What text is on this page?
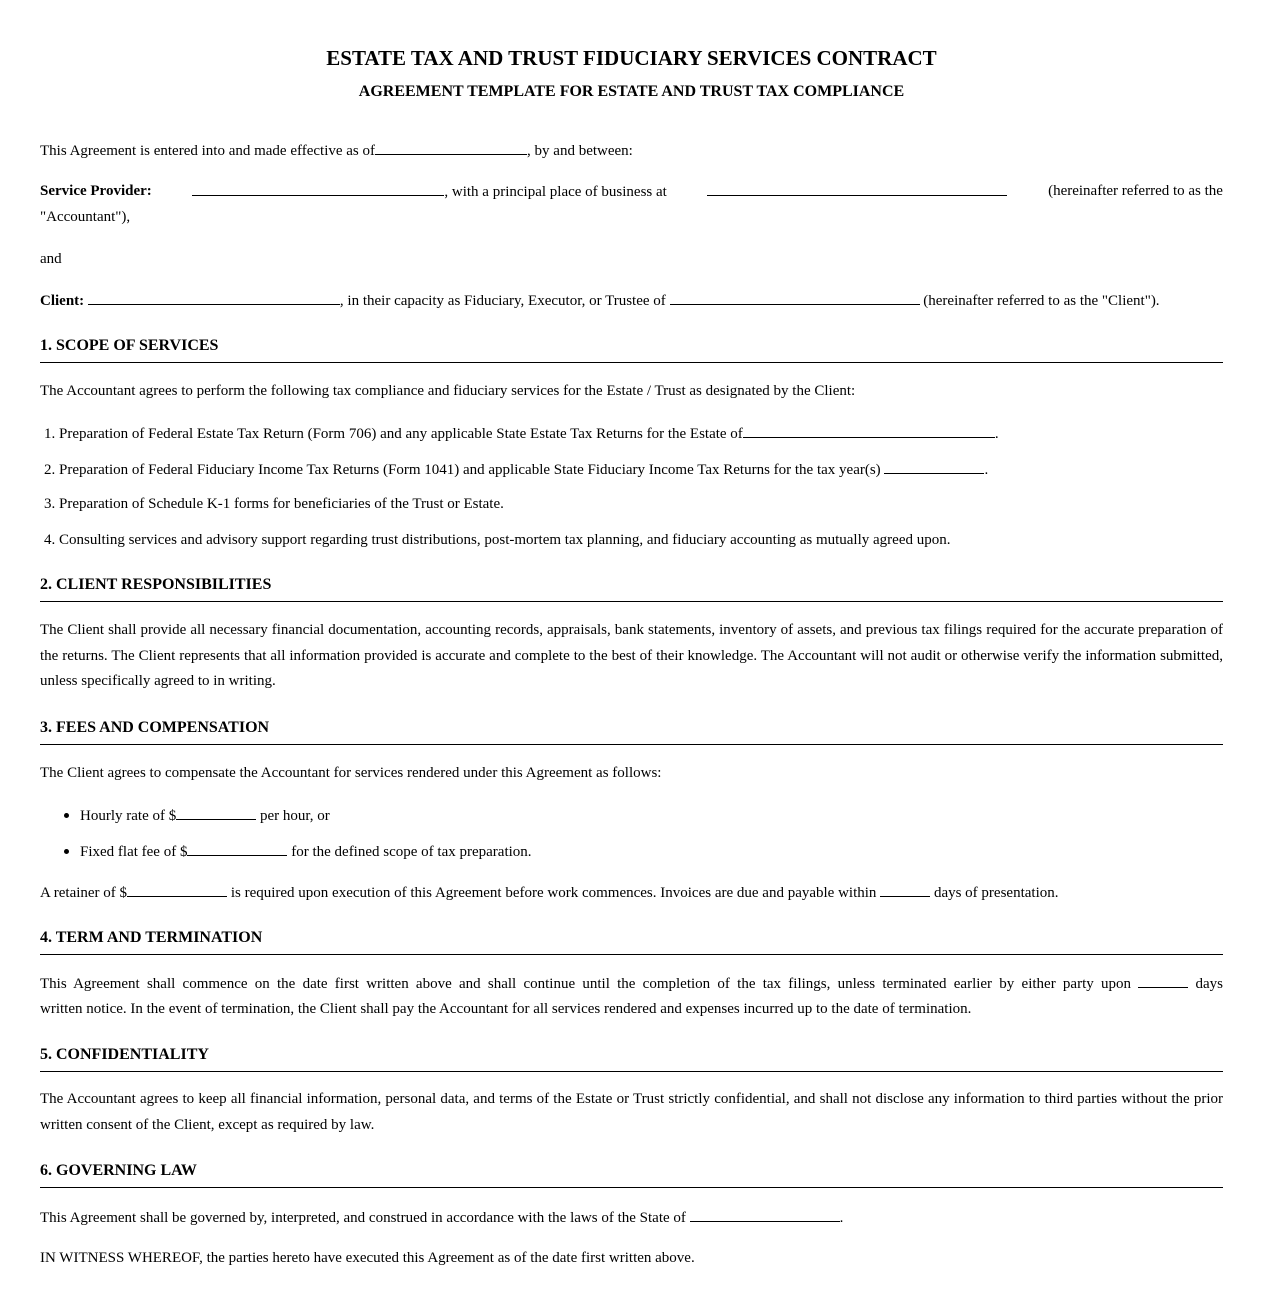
ESTATE TAX AND TRUST FIDUCIARY SERVICES CONTRACT
AGREEMENT TEMPLATE FOR ESTATE AND TRUST TAX COMPLIANCE
This Agreement is entered into and made effective as of	, by and between:
Service Provider:	, with a principal place of business at	(hereinafter referred to as the
"Accountant"),
and
Client:	, in their capacity as Fiduciary, Executor, or Trustee of	(hereinafter referred to as the "Client").
1. SCOPE OF SERVICES
The Accountant agrees to perform the following tax compliance and fiduciary services for the Estate / Trust as designated by the Client:
1. Preparation of Federal Estate Tax Return (Form 706) and any applicable State Estate Tax Returns for the Estate of	.
2. Preparation of Federal Fiduciary Income Tax Returns (Form 1041) and applicable State Fiduciary Income Tax Returns for the tax year(s)	.
3. Preparation of Schedule K-1 forms for beneficiaries of the Trust or Estate.
4. Consulting services and advisory support regarding trust distributions, post-mortem tax planning, and fiduciary accounting as mutually agreed upon.
2. CLIENT RESPONSIBILITIES
The Client shall provide all necessary financial documentation, accounting records, appraisals, bank statements, inventory of assets, and previous tax filings required for the accurate preparation of the returns. The Client represents that all information provided is accurate and complete to the best of their knowledge. The Accountant will not audit or otherwise verify the information submitted, unless specifically agreed to in writing.
3. FEES AND COMPENSATION
The Client agrees to compensate the Accountant for services rendered under this Agreement as follows:
Hourly rate of $	per hour, or
Fixed flat fee of $	for the defined scope of tax preparation.
A retainer of $	is required upon execution of this Agreement before work commences. Invoices are due and payable within	days of presentation.
4. TERM AND TERMINATION
This Agreement shall commence on the date first written above and shall continue until the completion of the tax filings, unless terminated earlier by either party upon	days
written notice. In the event of termination, the Client shall pay the Accountant for all services rendered and expenses incurred up to the date of termination.
5. CONFIDENTIALITY
The Accountant agrees to keep all financial information, personal data, and terms of the Estate or Trust strictly confidential, and shall not disclose any information to third parties without the prior written consent of the Client, except as required by law.
6. GOVERNING LAW
This Agreement shall be governed by, interpreted, and construed in accordance with the laws of the State of	.
IN WITNESS WHEREOF, the parties hereto have executed this Agreement as of the date first written above.
